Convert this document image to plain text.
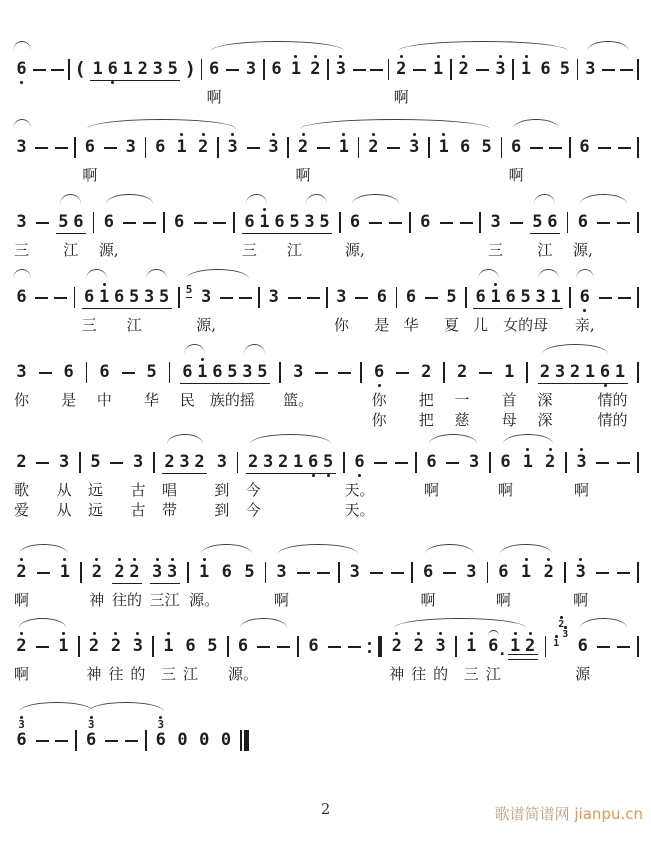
2	歌谱简谱网 jianpu.cn
6	( 1 6 1 2 3 5 ) 6 3 6 1 2 3	2 1 2 3 1 6 5 3
啊	啊
3	6 3 6 1 2 3 3 2 1 2 3 1 6 5 6	6
啊	啊	啊
3 5 6 6	6	6 1 6 5 3 5 6	6	3 5 6 6
三 江 源,	三 江	源,	三 江 源,
6	6 1 6 5 3 5 5 3	3	3 6 6 5 6 1 6 5 3 1 6
三 江	源,	你 是 华 夏 儿 女 的 母 亲,
3 6 6 5 6 1 6 5 3 5 3	6 2 2 1 2 3 2 1 6 1
你 是 中 华 民 族 的 摇 篮。	你 把 一 首 深	情 的
你 把 慈 母 深	情 的
2 3 5 3 2 3 2 3 2 3 2 1 6 5 6	6 3 6 1 2 3
歌 从 远 古 唱 到 今	天。	啊	啊	啊
爱 从 远 古 带 到 今	天。
2 1 2 2 2 3 3 1 6 5 3	3	6 3 6 1 2 3
啊	神 往 的 三 江 源。	啊	啊	啊	啊
2 1 2 2 3 1 6 5 6	6	2 2 3 1 6 · 1 2
2
3
1 6
啊	神 往 的 三 江 源。	神 往 的 三 江	源
3
6
3
6
3
6 0 0 0
